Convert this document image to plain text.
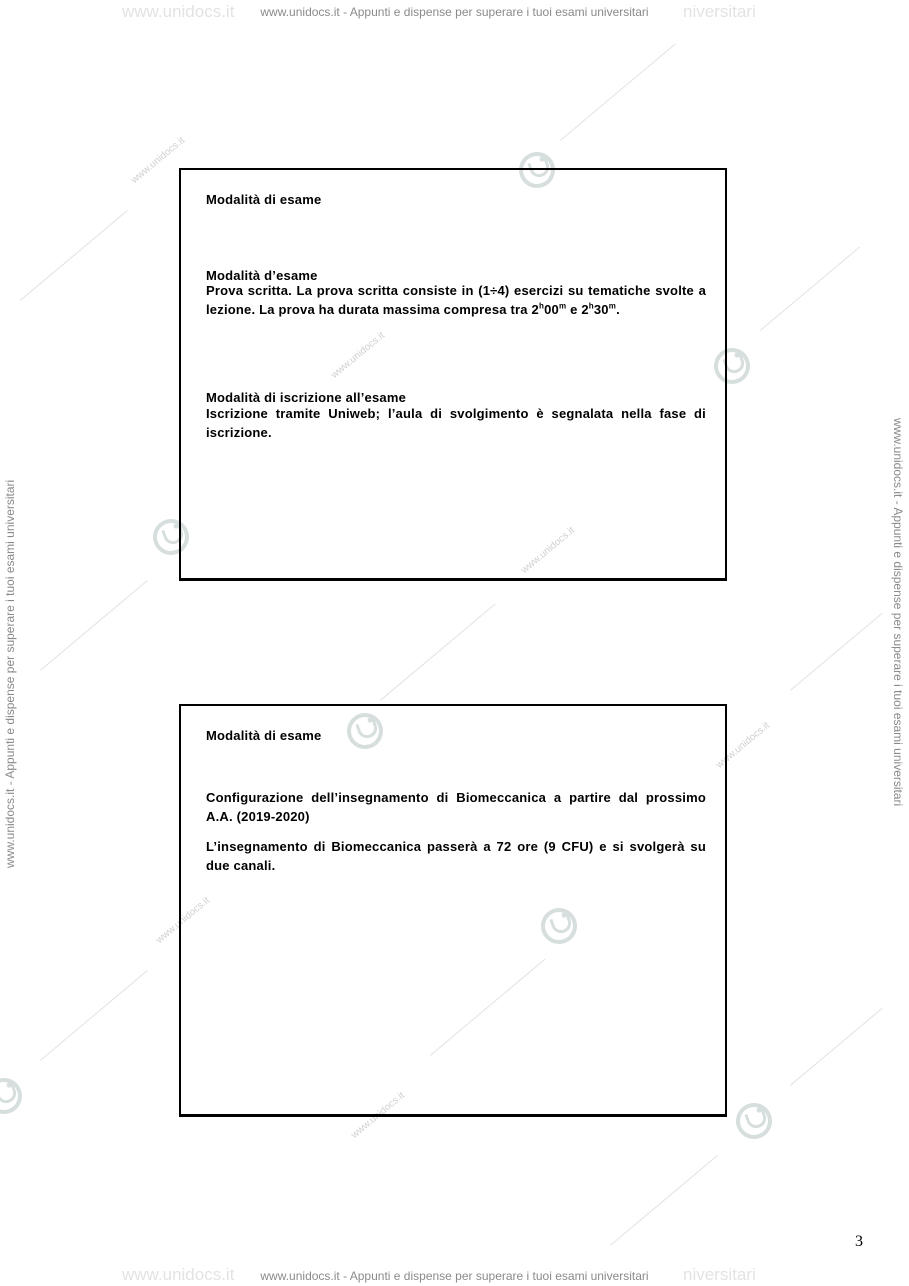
www.unidocs.it	niversitari
www.unidocs.it - Appunti e dispense per superare i tuoi esami universitari
www.unidocs.it	niversitari
www.unidocs.it - Appunti e dispense per superare i tuoi esami universitari
www.unidocs.it - Appunti e dispense per superare i tuoi esami universitari	www.unidocs.it - Appunti e dispense per superare i tuoi esami universitari
www.unidocs.it
www.unidocs.it
www.unidocs.it
www.unidocs.it
www.unidocs.it
www.unidocs.it

Modalità di esame

Modalità d’esame

Prova scritta. La prova scritta consiste in (1÷4) esercizi su tematiche svolte a lezione. La prova ha durata massima compresa tra 2$^h$00$^m$ e 2$^h$30$^m$.

Modalità di iscrizione all’esame

Iscrizione tramite Uniweb; l’aula di svolgimento è segnalata nella fase di iscrizione.

Modalità di esame

Configurazione dell’insegnamento di Biomeccanica a partire dal prossimo A.A. (2019-2020)

L’insegnamento di Biomeccanica passerà a 72 ore (9 CFU) e si svolgerà su due canali.

3
